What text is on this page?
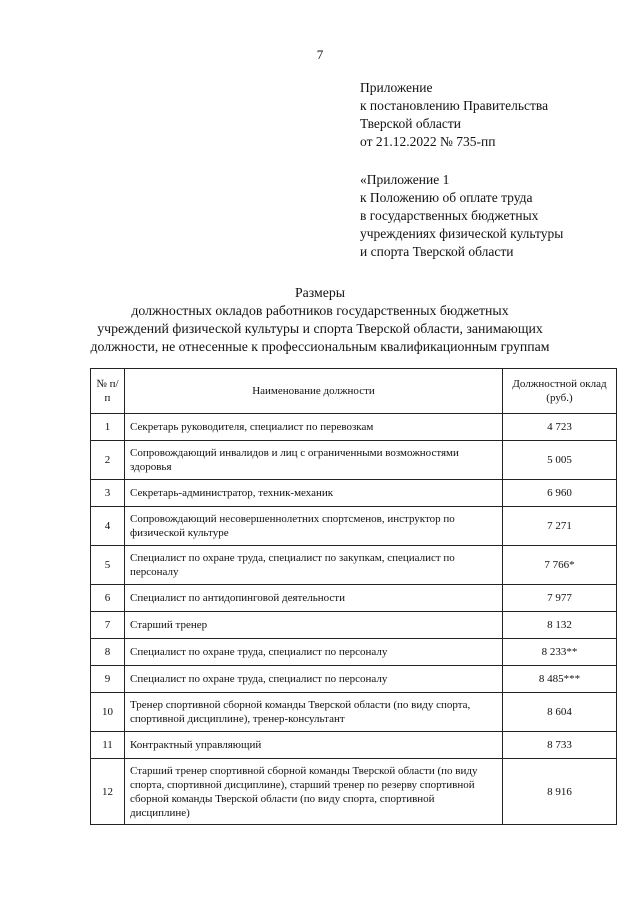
7
Приложение
к постановлению Правительства
Тверской области
от 21.12.2022 № 735-пп
«Приложение 1
к Положению об оплате труда
в государственных бюджетных
учреждениях физической культуры
и спорта Тверской области
Размеры
должностных окладов работников государственных бюджетных
учреждений физической культуры и спорта Тверской области, занимающих
должности, не отнесенные к профессиональным квалификационным группам
№ п/п	Наименование должности	Должностной оклад (руб.)
1	Секретарь руководителя, специалист по перевозкам	4 723
2	Сопровождающий инвалидов и лиц с ограниченными возможностями здоровья	5 005
3	Секретарь-администратор, техник-механик	6 960
4	Сопровождающий несовершеннолетних спортсменов, инструктор по физической культуре	7 271
5	Специалист по охране труда, специалист по закупкам, специалист по персоналу	7 766*
6	Специалист по антидопинговой деятельности	7 977
7	Старший тренер	8 132
8	Специалист по охране труда, специалист по персоналу	8 233**
9	Специалист по охране труда, специалист по персоналу	8 485***
10	Тренер спортивной сборной команды Тверской области (по виду спорта, спортивной дисциплине), тренер-консультант	8 604
11	Контрактный управляющий	8 733
12	Старший тренер спортивной сборной команды Тверской области (по виду спорта, спортивной дисциплине), старший тренер по резерву спортивной сборной команды Тверской области (по виду спорта, спортивной дисциплине)	8 916
